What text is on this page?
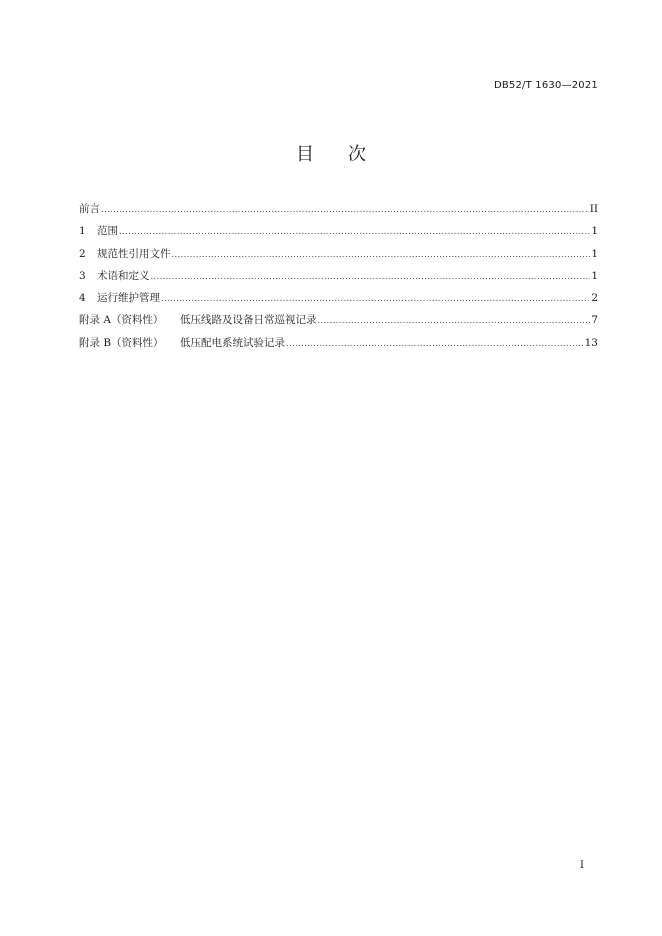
DB52/T 1630—2021
目 次
前言 .....	II
1 范围 .....	1
2 规范性引用文件 .....	1
3 术语和定义 .....	1
4 运行维护管理 .....	2
附录 A（资料性） 低压线路及设备日常巡视记录 .....	7
附录 B（资料性） 低压配电系统试验记录 .....	13
I
